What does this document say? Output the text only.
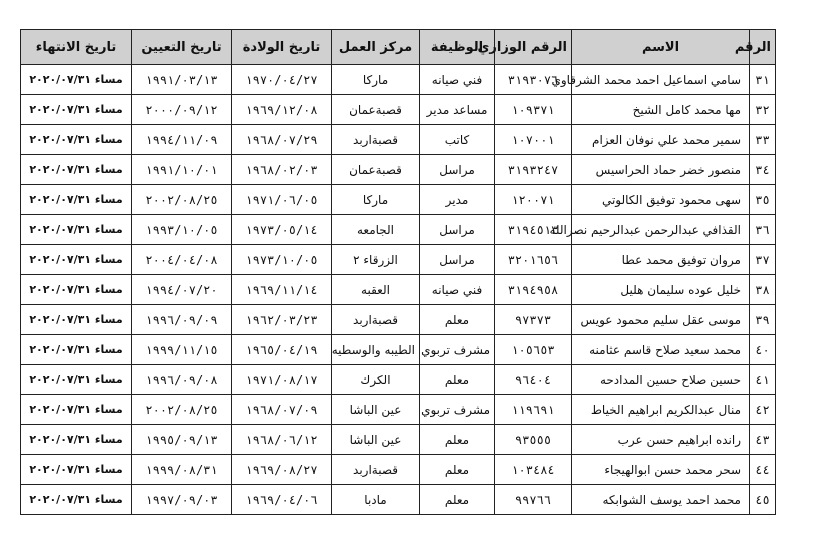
الرقم	الاسم	الرقم الوزاري	الوظيفة	مركز العمل	تاريخ الولادة	تاريخ التعيين	تاريخ الانتهاء
٣١	سامي اسماعيل احمد محمد الشرقاوي	٣١٩٣٠٧٦	فني صيانه	ماركا	١٩٧٠/٠٤/٢٧	١٩٩١/٠٣/١٣	مساء ٢٠٢٠/٠٧/٣١
٣٢	مها محمد كامل الشيخ	١٠٩٣٧١	مساعد مدير	قصبةعمان	١٩٦٩/١٢/٠٨	٢٠٠٠/٠٩/١٢	مساء ٢٠٢٠/٠٧/٣١
٣٣	سمير محمد علي نوفان العزام	١٠٧٠٠١	كاتب	قصبةاربد	١٩٦٨/٠٧/٢٩	١٩٩٤/١١/٠٩	مساء ٢٠٢٠/٠٧/٣١
٣٤	منصور خضر حماد الحراسيس	٣١٩٣٢٤٧	مراسل	قصبةعمان	١٩٦٨/٠٢/٠٣	١٩٩١/١٠/٠١	مساء ٢٠٢٠/٠٧/٣١
٣٥	سهى محمود توفيق الكالوتي	١٢٠٠٧١	مدير	ماركا	١٩٧١/٠٦/٠٥	٢٠٠٢/٠٨/٢٥	مساء ٢٠٢٠/٠٧/٣١
٣٦	القذافي عبدالرحمن عبدالرحيم نصرالله	٣١٩٤٥١٣	مراسل	الجامعه	١٩٧٣/٠٥/١٤	١٩٩٣/١٠/٠٥	مساء ٢٠٢٠/٠٧/٣١
٣٧	مروان توفيق محمد عطا	٣٢٠١٦٥٦	مراسل	الزرقاء ٢	١٩٧٣/١٠/٠٥	٢٠٠٤/٠٤/٠٨	مساء ٢٠٢٠/٠٧/٣١
٣٨	خليل عوده سليمان هليل	٣١٩٤٩٥٨	فني صيانه	العقبه	١٩٦٩/١١/١٤	١٩٩٤/٠٧/٢٠	مساء ٢٠٢٠/٠٧/٣١
٣٩	موسى عقل سليم محمود عويس	٩٧٣٧٣	معلم	قصبةاربد	١٩٦٢/٠٣/٢٣	١٩٩٦/٠٩/٠٩	مساء ٢٠٢٠/٠٧/٣١
٤٠	محمد سعيد صلاح قاسم عثامنه	١٠٥٦٥٣	مشرف تربوي	الطيبه والوسطيه	١٩٦٥/٠٤/١٩	١٩٩٩/١١/١٥	مساء ٢٠٢٠/٠٧/٣١
٤١	حسين صلاح حسين المدادحه	٩٦٤٠٤	معلم	الكرك	١٩٧١/٠٨/١٧	١٩٩٦/٠٩/٠٨	مساء ٢٠٢٠/٠٧/٣١
٤٢	منال عبدالكريم ابراهيم الخياط	١١٩٦٩١	مشرف تربوي	عين الباشا	١٩٦٨/٠٧/٠٩	٢٠٠٢/٠٨/٢٥	مساء ٢٠٢٠/٠٧/٣١
٤٣	رانده ابراهيم حسن عرب	٩٣٥٥٥	معلم	عين الباشا	١٩٦٨/٠٦/١٢	١٩٩٥/٠٩/١٣	مساء ٢٠٢٠/٠٧/٣١
٤٤	سحر محمد حسن ابوالهيجاء	١٠٣٤٨٤	معلم	قصبةاربد	١٩٦٩/٠٨/٢٧	١٩٩٩/٠٨/٣١	مساء ٢٠٢٠/٠٧/٣١
٤٥	محمد احمد يوسف الشوابكه	٩٩٧٦٦	معلم	مادبا	١٩٦٩/٠٤/٠٦	١٩٩٧/٠٩/٠٣	مساء ٢٠٢٠/٠٧/٣١
